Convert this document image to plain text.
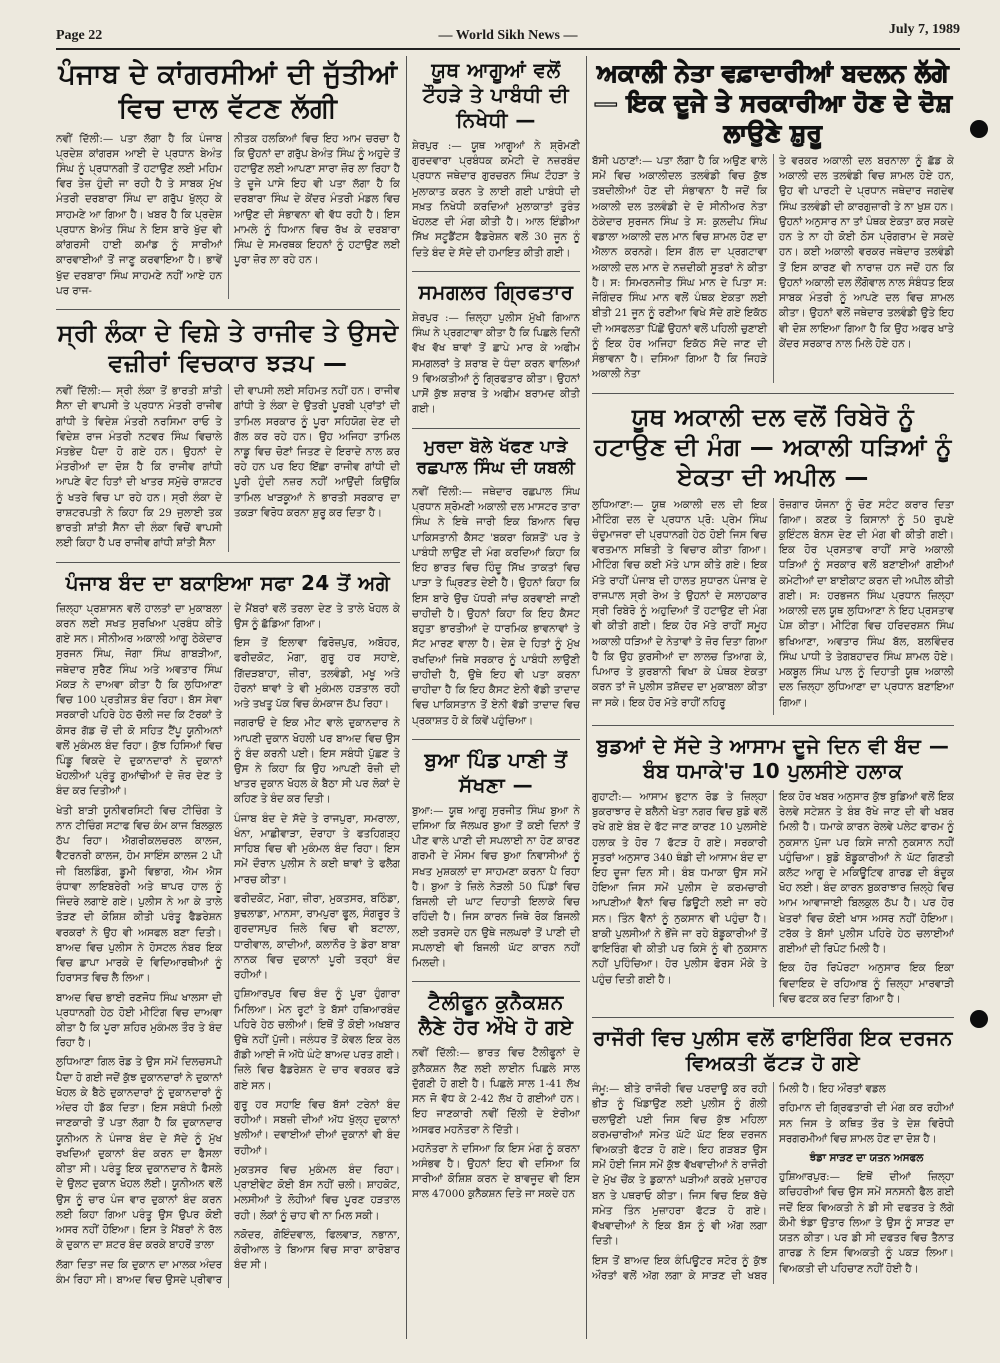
Page 22	— World Sikh News —	July 7, 1989
ਪੰਜਾਬ ਦੇ ਕਾਂਗਰਸੀਆਂ ਦੀ ਜੁੱਤੀਆਂ ਵਿਚ ਦਾਲ ਵੱਟਣ ਲੱਗੀ

ਨਵੀਂ ਦਿੱਲੀ:— ਪਤਾ ਲੱਗਾ ਹੈ ਕਿ ਪੰਜਾਬ ਪ੍ਰਦੇਸ਼ ਕਾਂਗਰਸ ਆਈ ਦੇ ਪ੍ਰਧਾਨ ਬੇਅੰਤ ਸਿੰਘ ਨੂੰ ਪ੍ਰਧਾਨਗੀ ਤੋਂ ਹਟਾਉਣ ਲਈ ਮਹਿਮ ਵਿਰ ਤੇਜ਼ ਹੁੰਦੀ ਜਾ ਰਹੀ ਹੈ ਤੇ ਸਾਬਕ ਮੁੱਖ ਮੰਤਰੀ ਦਰਬਾਰਾ ਸਿੰਘ ਦਾ ਗਰੁੱਪ ਖੁੱਲ੍ਹ ਕੇ ਸਾਹਮਣੇ ਆ ਗਿਆ ਹੈ। ਖਬਰ ਹੈ ਕਿ ਪ੍ਰਦੇਸ਼ ਪ੍ਰਧਾਨ ਬੇਅੰਤ ਸਿੰਘ ਨੇ ਇਸ ਬਾਰੇ ਖੁੱਦ ਵੀ ਕਾਂਗਰਸੀ ਹਾਈ ਕਮਾਂਡ ਨੂੰ ਸਾਰੀਆਂ ਕਾਰਵਾਈਆਂ ਤੋਂ ਜਾਣੂ ਕਰਵਾਇਆ ਹੈ। ਭਾਵੇਂ ਖੁੱਦ ਦਰਬਾਰਾ ਸਿੰਘ ਸਾਹਮਣੇ ਨਹੀਂ ਆਏ ਹਨ ਪਰ ਰਾਜ-

ਨੀਤਕ ਹਲਕਿਆਂ ਵਿਚ ਇਹ ਆਮ ਚਰਚਾ ਹੈ ਕਿ ਉਹਨਾਂ ਦਾ ਗਰੁੱਪ ਬੇਅੰਤ ਸਿੰਘ ਨੂੰ ਅਹੁਦੇ ਤੋਂ ਹਟਾਉਣ ਲਈ ਆਪਣਾ ਸਾਰਾ ਜ਼ੋਰ ਲਾ ਰਿਹਾ ਹੈ ਤੇ ਦੂਜੇ ਪਾਸੇ ਇਹ ਵੀ ਪਤਾ ਲੱਗਾ ਹੈ ਕਿ ਦਰਬਾਰਾ ਸਿੰਘ ਦੇ ਕੇਂਦਰ ਮੰਤਰੀ ਮੰਡਲ ਵਿਚ ਆਉਣ ਦੀ ਸੰਭਾਵਨਾ ਵੀ ਵੱਧ ਰਹੀ ਹੈ। ਇਸ ਮਾਮਲੇ ਨੂੰ ਧਿਆਨ ਵਿਚ ਰੱਖ ਕੇ ਦਰਬਾਰਾ ਸਿੰਘ ਦੇ ਸਮਰਥਕ ਇਹਨਾਂ ਨੂੰ ਹਟਾਉਣ ਲਈ ਪੂਰਾ ਜ਼ੋਰ ਲਾ ਰਹੇ ਹਨ।

ਸ੍ਰੀ ਲੰਕਾ ਦੇ ਵਿਸ਼ੇ ਤੇ ਰਾਜੀਵ ਤੇ ਉਸਦੇ ਵਜ਼ੀਰਾਂ ਵਿਚਕਾਰ ਝੜਪ —

ਨਵੀਂ ਦਿੱਲੀ:— ਸ੍ਰੀ ਲੰਕਾ ਤੋਂ ਭਾਰਤੀ ਸ਼ਾਂਤੀ ਸੈਨਾ ਦੀ ਵਾਪਸੀ ਤੇ ਪ੍ਰਧਾਨ ਮੰਤਰੀ ਰਾਜੀਵ ਗਾਂਧੀ ਤੇ ਵਿਦੇਸ਼ ਮੰਤਰੀ ਨਰਸਿਮਾ ਰਾਓ ਤੇ ਵਿਦੇਸ਼ ਰਾਜ ਮੰਤਰੀ ਨਟਵਰ ਸਿੰਘ ਵਿਚਾਲੇ ਮੱਤਭੇਦ ਪੈਦਾ ਹੋ ਗਏ ਹਨ। ਉਹਨਾਂ ਦੇ ਮੰਤਰੀਆਂ ਦਾ ਦੋਸ਼ ਹੈ ਕਿ ਰਾਜੀਵ ਗਾਂਧੀ ਆਪਣੇ ਵੋਟ ਹਿਤਾਂ ਦੀ ਖਾਤਰ ਸਮੁੱਚੇ ਰਾਸ਼ਟਰ ਨੂੰ ਖਤਰੇ ਵਿਚ ਪਾ ਰਹੇ ਹਨ। ਸ੍ਰੀ ਲੰਕਾ ਦੇ ਰਾਸ਼ਟਰਪਤੀ ਨੇ ਕਿਹਾ ਕਿ 29 ਜੁਲਾਈ ਤਕ ਭਾਰਤੀ ਸ਼ਾਂਤੀ ਸੈਨਾ ਦੀ ਲੰਕਾ ਵਿਚੋਂ ਵਾਪਸੀ ਲਈ ਕਿਹਾ ਹੈ ਪਰ ਰਾਜੀਵ ਗਾਂਧੀ ਸ਼ਾਂਤੀ ਸੈਨਾ

ਦੀ ਵਾਪਸੀ ਲਈ ਸਹਿਮਤ ਨਹੀਂ ਹਨ। ਰਾਜੀਵ ਗਾਂਧੀ ਤੇ ਲੰਕਾ ਦੇ ਉਤਰੀ ਪੂਰਬੀ ਪ੍ਰਾਂਤਾਂ ਦੀ ਤਾਮਿਲ ਸਰਕਾਰ ਨੂੰ ਪੂਰਾ ਸਹਿਯੋਗ ਦੇਣ ਦੀ ਗੱਲ ਕਰ ਰਹੇ ਹਨ। ਉਹ ਅਜਿਹਾ ਤਾਮਿਲ ਨਾਡੂ ਵਿਚ ਚੋਣਾਂ ਜਿਤਣ ਦੇ ਇਰਾਦੇ ਨਾਲ ਕਰ ਰਹੇ ਹਨ ਪਰ ਇਹ ਇੱਛਾ ਰਾਜੀਵ ਗਾਂਧੀ ਦੀ ਪੂਰੀ ਹੁੰਦੀ ਨਜ਼ਰ ਨਹੀਂ ਆਉਂਦੀ ਕਿਉਂਕਿ ਤਾਮਿਲ ਖਾੜਕੂਆਂ ਨੇ ਭਾਰਤੀ ਸਰਕਾਰ ਦਾ ਤਕੜਾ ਵਿਰੋਧ ਕਰਨਾ ਸ਼ੁਰੂ ਕਰ ਦਿਤਾ ਹੈ।

ਪੰਜਾਬ ਬੰਦ ਦਾ ਬਕਾਇਆ ਸਫਾ 24 ਤੋਂ ਅਗੇ

ਜ਼ਿਲ੍ਹਾ ਪ੍ਰਸ਼ਾਸਨ ਵਲੋਂ ਹਾਲਤਾਂ ਦਾ ਮੁਕਾਬਲਾ ਕਰਨ ਲਈ ਸਖਤ ਸੁਰਖਿਆ ਪ੍ਰਬੰਧ ਕੀਤੇ ਗਏ ਸਨ। ਸੀਨੀਅਰ ਅਕਾਲੀ ਆਗੂ ਠੇਕੇਦਾਰ ਸੁਰਜਨ ਸਿੰਘ, ਜੋਗਾ ਸਿੰਘ ਗਾਬੜੀਆ, ਜਥੇਦਾਰ ਸੁਰੈਣ ਸਿੰਘ ਅਤੇ ਅਵਤਾਰ ਸਿੰਘ ਮੱਕੜ ਨੇ ਦਾਅਵਾ ਕੀਤਾ ਹੈ ਕਿ ਲੁਧਿਆਣਾ ਵਿਚ 100 ਪ੍ਰਤੀਸ਼ਤ ਬੰਦ ਰਿਹਾ। ਬੱਸ ਸੇਵਾ ਸਰਕਾਰੀ ਪਹਿਰੇ ਹੇਠ ਚੱਲੀ ਜਦ ਕਿ ਟੱਰਕਾਂ ਤੇ ਕੋਸਰ ਗੱਡ ਚੋਂ ਦੀ ਕੋ ਸਹਿਤ ਟੈਂਪੂ ਯੂਨੀਅਨਾਂ ਵਲੋਂ ਮੁਕੰਮਲ ਬੰਦ ਰਿਹਾ। ਕੁੱਝ ਹਿਸਿਆਂ ਵਿਚ ਪਿੰਡੂ ਵਿਕਦੇ ਦੇ ਦੁਕਾਨਦਾਰਾਂ ਨੇ ਦੁਕਾਨਾਂ ਖੋਹਲੀਆਂ ਪ੍ਰੰਤੂ ਗੁਆਂਢੀਆਂ ਦੇ ਜ਼ੋਰ ਦੇਣ ਤੇ ਬੰਦ ਕਰ ਦਿਤੀਆਂ।

ਖੇਤੀ ਬਾੜੀ ਯੂਨੀਵਰਸਿਟੀ ਵਿਚ ਟੀਚਿੰਗ ਤੇ ਨਾਨ ਟੀਚਿੰਗ ਸਟਾਫ ਵਿਚ ਕੰਮ ਕਾਜ ਬਿਲਕੁਲ ਠੱਪ ਰਿਹਾ। ਐਗਰੀਕਲਚਰਲ ਕਾਲਜ, ਵੈਟਰਨਰੀ ਕਾਲਜ, ਹੋਮ ਸਾਇੰਸ ਕਾਲਜ 2 ਪੀ ਜੀ ਬਿਲਡਿੰਗ, ਡੂਮੀ ਵਿਭਾਗ, ਐਮ ਐਸ ਰੰਧਾਵਾ ਲਾਇਬਰੇਰੀ ਅਤੇ ਥਾਪਰ ਹਾਲ ਨੂੰ ਜਿੰਦਰੇ ਲਗਾਏ ਗਏ। ਪੁਲੀਸ ਨੇ ਆ ਕੇ ਤਾਲੇ ਤੋੜਣ ਦੀ ਕੋਸ਼ਿਸ਼ ਕੀਤੀ ਪਰੰਤੂ ਫੈਡਰੇਸ਼ਨ ਵਰਕਰਾਂ ਨੇ ਉਹ ਵੀ ਅਸਫਲ ਬਣਾ ਦਿਤੀ। ਬਾਅਦ ਵਿਚ ਪੁਲੀਸ ਨੇ ਹੋਸਟਲ ਨੰਬਰ ਇਕ ਵਿਚ ਛਾਪਾ ਮਾਰਕੇ ਦੋ ਵਿਦਿਆਰਥੀਆਂ ਨੂੰ ਹਿਰਾਸਤ ਵਿਚ ਲੈ ਲਿਆ।

ਬਾਅਦ ਵਿਚ ਭਾਈ ਰਣਜੋਧ ਸਿੰਘ ਖਾਲਸਾ ਦੀ ਪ੍ਰਧਾਨਗੀ ਹੇਠ ਹੋਈ ਮੀਟਿੰਗ ਵਿਚ ਦਾਅਵਾ ਕੀਤਾ ਹੈ ਕਿ ਪੂਰਾ ਸ਼ਹਿਰ ਮੁਕੰਮਲ ਤੌਰ ਤੇ ਬੰਦ ਰਿਹਾ ਹੈ।

ਲੁਧਿਆਣਾ ਗਿਲ ਰੋਡ ਤੇ ਉਸ ਸਮੇਂ ਦਿਲਚਸਪੀ ਪੈਦਾ ਹੋ ਗਈ ਜਦੋਂ ਕੁੱਝ ਦੁਕਾਨਦਾਰਾਂ ਨੇ ਦੁਕਾਨਾਂ ਖੋਹਲ ਕੇ ਬੈਠੇ ਦੁਕਾਨਦਾਰਾਂ ਨੂੰ ਦੁਕਾਨਦਾਰਾਂ ਨੂੰ ਅੰਦਰ ਹੀ ਡੱਕ ਦਿਤਾ। ਇਸ ਸਬੰਧੀ ਮਿਲੀ ਜਾਣਕਾਰੀ ਤੋਂ ਪਤਾ ਲੱਗਾ ਹੈ ਕਿ ਦੁਕਾਨਦਾਰ ਯੂਨੀਅਨ ਨੇ ਪੰਜਾਬ ਬੰਦ ਦੇ ਸੱਦੇ ਨੂੰ ਮੁੱਖ ਰਖਦਿਆਂ ਦੁਕਾਨਾਂ ਬੰਦ ਕਰਨ ਦਾ ਫੈਸਲਾ ਕੀਤਾ ਸੀ। ਪਰੰਤੂ ਇਕ ਦੁਕਾਨਦਾਰ ਨੇ ਫੈਸਲੇ ਦੇ ਉਲਟ ਦੁਕਾਨ ਖੋਹਲ ਲੱਈ। ਯੂਨੀਅਨ ਵਲੋਂ ਉਸ ਨੂੰ ਚਾਰ ਪੰਜ ਵਾਰ ਦੁਕਾਨਾਂ ਬੰਦ ਕਰਨ ਲਈ ਕਿਹਾ ਗਿਆ ਪਰੰਤੂ ਉਸ ਉਪਰ ਕੋਈ ਅਸਰ ਨਹੀਂ ਹੋਇਆ। ਇਸ ਤੇ ਮੈਂਬਰਾਂ ਨੇ ਰੱਲ ਕੇ ਦੁਕਾਨ ਦਾ ਸ਼ਟਰ ਬੰਦ ਕਰਕੇ ਬਾਹਰੋਂ ਤਾਲਾ

ਲੱਗਾ ਦਿਤਾ ਜਦ ਕਿ ਦੁਕਾਨ ਦਾ ਮਾਲਕ ਅੰਦਰ ਕੰਮ ਰਿਹਾ ਸੀ। ਬਾਅਦ ਵਿਚ ਉਸਦੇ ਪ੍ਰੀਵਾਰ ਦੇ ਮੈਂਬਰਾਂ ਵਲੋਂ ਤਰਲਾ ਦੇਣ ਤੇ ਤਾਲੇ ਖੋਹਲ ਕੇ ਉਸ ਨੂੰ ਛੱਡਿਆ ਗਿਆ।

ਇਸ ਤੋਂ ਇਲਾਵਾ ਫਿਰੋਜ਼ਪੁਰ, ਅਬੋਹਰ, ਫਰੀਦਕੋਟ, ਮੋਗਾ, ਗੁਰੂ ਹਰ ਸਹਾਏ, ਗਿੱਦੜਬਾਹਾ, ਜ਼ੀਰਾ, ਤਲਵੰਡੀ, ਮਖੂ ਅਤੇ ਹੋਰਨਾਂ ਥਾਵਾਂ ਤੇ ਵੀ ਮੁਕੰਮਲ ਹੜਤਾਲ ਰਹੀ ਅਤੇ ਤਖਤੂ ਪੱਕ ਵਿਚ ਕੰਮਕਾਜ ਠੱਪ ਰਿਹਾ।

ਜਗਰਾਓਂ ਦੇ ਇਕ ਮੀਟ ਵਾਲੇ ਦੁਕਾਨਦਾਰ ਨੇ ਆਪਣੀ ਦੁਕਾਨ ਖੋਹਲੀ ਪਰ ਬਾਅਦ ਵਿਚ ਉਸ ਨੂੰ ਬੰਦ ਕਰਨੀ ਪਈ। ਇਸ ਸਬੰਧੀ ਪੁੱਛਣ ਤੇ ਉਸ ਨੇ ਕਿਹਾ ਕਿ ਉਹ ਆਪਣੀ ਰੋਜ਼ੀ ਦੀ ਖਾਤਰ ਦੁਕਾਨ ਖੋਹਲ ਕੇ ਬੈਠਾ ਸੀ ਪਰ ਲੋਕਾਂ ਦੇ ਕਹਿਣ ਤੇ ਬੰਦ ਕਰ ਦਿਤੀ।

ਪੰਜਾਬ ਬੰਦ ਦੇ ਸੱਦੇ ਤੇ ਰਾਜਪੁਰਾ, ਸਮਰਾਲਾ, ਖੰਨਾ, ਮਾਛੀਵਾੜਾ, ਦੋਰਾਹਾ ਤੇ ਫਤਹਿਗੜ੍ਹ ਸਾਹਿਬ ਵਿਚ ਵੀ ਮੁਕੰਮਲ ਬੰਦ ਰਿਹਾ। ਇਸ ਸਮੇਂ ਦੌਰਾਨ ਪੁਲੀਸ ਨੇ ਕਈ ਥਾਵਾਂ ਤੇ ਫਲੈਗ ਮਾਰਚ ਕੀਤਾ।

ਫਰੀਦਕੋਟ, ਮੋਗਾ, ਜ਼ੀਰਾ, ਮੁਕਤਸਰ, ਬਠਿੰਡਾ, ਬੁਢਲਾਡਾ, ਮਾਨਸਾ, ਰਾਮਪੁਰਾ ਫੂਲ, ਸੰਗਰੂਰ ਤੇ ਗੁਰਦਾਸਪੁਰ ਜ਼ਿਲੇ ਵਿਚ ਵੀ ਬਟਾਲਾ, ਧਾਰੀਵਾਲ, ਕਾਦੀਆਂ, ਕਲਾਨੌਰ ਤੇ ਡੇਰਾ ਬਾਬਾ ਨਾਨਕ ਵਿਚ ਦੁਕਾਨਾਂ ਪੂਰੀ ਤਰ੍ਹਾਂ ਬੰਦ ਰਹੀਆਂ।

ਹੁਸ਼ਿਆਰਪੁਰ ਵਿਚ ਬੰਦ ਨੂੰ ਪੂਰਾ ਹੁੰਗਾਰਾ ਮਿਲਿਆ। ਮੇਨ ਰੂਟਾਂ ਤੇ ਬੱਸਾਂ ਹਥਿਆਰਬੰਦ ਪਹਿਰੇ ਹੇਠ ਚਲੀਆਂ। ਇਥੋਂ ਤੋਂ ਕੋਈ ਅਖਬਾਰ ਉਥੇ ਨਹੀਂ ਪੁੱਜੀ। ਜਲੰਧਰ ਤੋਂ ਕੇਵਲ ਇਕ ਰੇਲ ਗੱਡੀ ਆਈ ਜੋ ਅੱਧੇ ਘੰਟੇ ਬਾਅਦ ਪਰਤ ਗਈ। ਜ਼ਿਲੇ ਵਿਚ ਫੈਡਰੇਸ਼ਨ ਦੇ ਚਾਰ ਵਰਕਰ ਫੜੇ ਗਏ ਸਨ।

ਗੁਰੂ ਹਰ ਸਹਾਇ ਵਿਚ ਬੱਸਾਂ ਟਰੇਨਾਂ ਬੰਦ ਰਹੀਆਂ। ਸਬਜ਼ੀ ਦੀਆਂ ਅੱਧ ਖੁੱਲ੍ਹ ਦੁਕਾਨਾਂ ਖੁਲੀਆਂ। ਦਵਾਈਆਂ ਦੀਆਂ ਦੁਕਾਨਾਂ ਵੀ ਬੰਦ ਰਹੀਆਂ।

ਮੁਕਤਸਰ ਵਿਚ ਮੁਕੰਮਲ ਬੰਦ ਰਿਹਾ। ਪ੍ਰਾਈਵੇਟ ਕੋਈ ਬੱਸ ਨਹੀਂ ਚਲੀ। ਸ਼ਾਹਕੋਟ, ਮਲਸੀਆਂ ਤੇ ਲੋਹੀਆਂ ਵਿਚ ਪੂਰਣ ਹੜਤਾਲ ਰਹੀ। ਲੋਕਾਂ ਨੂੰ ਚਾਹ ਵੀ ਨਾ ਮਿਲ ਸਕੀ।

ਨਕੋਦਰ, ਗੋਇੰਦਵਾਲ, ਫਿਲਵਾੜ, ਨਭਾਨਾ, ਕੋਰੀਆਲ ਤੇ ਬਿਆਸ ਵਿਚ ਸਾਰਾ ਕਾਰੋਬਾਰ ਬੰਦ ਸੀ।

ਯੂਥ ਆਗੂਆਂ ਵਲੋਂ ਟੌਹੜੇ ਤੇ ਪਾਬੰਧੀ ਦੀ ਨਿਖੇਧੀ —

ਸ਼ੇਰਪੁਰ :— ਯੂਥ ਆਗੂਆਂ ਨੇ ਸ਼੍ਰੋਮਣੀ ਗੁਰਦਵਾਰਾ ਪ੍ਰਬੰਧਕ ਕਮੇਟੀ ਦੇ ਨਜ਼ਰਬੰਦ ਪ੍ਰਧਾਨ ਜਥੇਦਾਰ ਗੁਰਚਰਨ ਸਿੰਘ ਟੌਹੜਾ ਤੇ ਮੁਲਾਕਾਤ ਕਰਨ ਤੇ ਲਾਈ ਗਈ ਪਾਬੰਧੀ ਦੀ ਸਖ਼ਤ ਨਿਖੇਧੀ ਕਰਦਿਆਂ ਮੁਲਾਕਾਤਾਂ ਤੁਰੰਤ ਖੋਹਲਣ ਦੀ ਮੰਗ ਕੀਤੀ ਹੈ। ਆਲ ਇੰਡੀਆ ਸਿੱਖ ਸਟੂਡੈਂਟਸ ਫੈਡਰੇਸ਼ਨ ਵਲੋਂ 30 ਜੂਨ ਨੂੰ ਦਿਤੇ ਬੰਦ ਦੇ ਸੱਦੇ ਦੀ ਹਮਾਇਤ ਕੀਤੀ ਗਈ।

ਸਮਗਲਰ ਗ੍ਰਿਫਤਾਰ

ਸ਼ੇਰਪੁਰ :— ਜ਼ਿਲ੍ਹਾ ਪੁਲੀਸ ਮੁੱਖੀ ਗਿਆਨ ਸਿੰਘ ਨੇ ਪ੍ਰਗਟਾਵਾ ਕੀਤਾ ਹੈ ਕਿ ਪਿਛਲੇ ਦਿਨੀਂ ਵੱਖ ਵੱਖ ਥਾਵਾਂ ਤੋਂ ਛਾਪੇ ਮਾਰ ਕੇ ਅਫੀਮ ਸਮਗਲਰਾਂ ਤੇ ਸ਼ਰਾਬ ਦੇ ਧੰਦਾ ਕਰਨ ਵਾਲਿਆਂ 9 ਵਿਅਕਤੀਆਂ ਨੂੰ ਗ੍ਰਿਫਤਾਰ ਕੀਤਾ। ਉਹਨਾਂ ਪਾਸੋਂ ਕੁੱਝ ਸ਼ਰਾਬ ਤੇ ਅਫੀਮ ਬਰਾਮਦ ਕੀਤੀ ਗਈ।

ਮੁਰਦਾ ਬੋਲੇ ਖੱਫਣ ਪਾੜੇ ਰਛਪਾਲ ਸਿੰਘ ਦੀ ਯਬਲੀ

ਨਵੀਂ ਦਿੱਲੀ:— ਜਥੇਦਾਰ ਰਛਪਾਲ ਸਿੰਘ ਪ੍ਰਧਾਨ ਸ਼੍ਰੋਮਣੀ ਅਕਾਲੀ ਦਲ ਮਾਸਟਰ ਤਾਰਾ ਸਿੰਘ ਨੇ ਇਥੇ ਜਾਰੀ ਇਕ ਬਿਆਨ ਵਿਚ ਪਾਕਿਸਤਾਨੀ ਕੈਸਟ 'ਬਕਰਾ ਕਿਸ਼ਤੋਂ' ਪਰ ਤੇ ਪਾਬੰਧੀ ਲਾਉਣ ਦੀ ਮੰਗ ਕਰਦਿਆਂ ਕਿਹਾ ਕਿ ਇਹ ਭਾਰਤ ਵਿਚ ਹਿੰਦੂ ਸਿੱਖ ਤਾਕਤਾਂ ਵਿਚ ਪਾੜਾ ਤੇ ਘ੍ਰਿਣਤ ਦੇਈ ਹੈ। ਉਹਨਾਂ ਕਿਹਾ ਕਿ ਇਸ ਬਾਰੇ ਉਚ ਪੱਧਰੀ ਜਾਂਚ ਕਰਵਾਈ ਜਾਣੀ ਚਾਹੀਦੀ ਹੈ। ਉਹਨਾਂ ਕਿਹਾ ਕਿ ਇਹ ਕੈਸਟ ਬਹੁਤਾ ਭਾਰਤੀਆਂ ਦੇ ਧਾਰਮਿਕ ਭਾਵਨਾਵਾਂ ਤੇ ਸੱਟ ਮਾਰਣ ਵਾਲਾ ਹੈ। ਦੇਸ਼ ਦੇ ਹਿਤਾਂ ਨੂੰ ਮੁੱਖ ਰਖਦਿਆਂ ਜਿਥੇ ਸਰਕਾਰ ਨੂੰ ਪਾਬੰਧੀ ਲਾਉਣੀ ਚਾਹੀਦੀ ਹੈ, ਉਥੇ ਇਹ ਵੀ ਪਤਾ ਕਰਨਾ ਚਾਹੀਦਾ ਹੈ ਕਿ ਇਹ ਕੈਸਟ ਏਨੀ ਵੱਡੀ ਤਾਦਾਦ ਵਿਚ ਪਾਕਿਸਤਾਨ ਤੋਂ ਏਨੀ ਵੱਡੀ ਤਾਦਾਦ ਵਿਚ ਪ੍ਰਕਾਸ਼ਤ ਹੋ ਕੇ ਕਿਵੇਂ ਪਹੁੰਚਿਆ।

ਬੁਆ ਪਿੰਡ ਪਾਣੀ ਤੋਂ ਸੱਖਣਾ —

ਬੁਆ:— ਯੂਥ ਆਗੂ ਸੁਰਜੀਤ ਸਿੰਘ ਬੁਆ ਨੇ ਦਸਿਆ ਕਿ ਜੱਲਘਰ ਬੁਆ ਤੋਂ ਕਈ ਦਿਨਾਂ ਤੋਂ ਪੀਣ ਵਾਲੇ ਪਾਣੀ ਦੀ ਸਪਲਾਈ ਨਾ ਹੋਣ ਕਾਰਣ ਗਰਮੀ ਦੇ ਮੌਸਮ ਵਿਚ ਬੁਆ ਨਿਵਾਸੀਆਂ ਨੂੰ ਸਖਤ ਮੁਸ਼ਕਲਾਂ ਦਾ ਸਾਹਮਣਾ ਕਰਨਾ ਪੈ ਰਿਹਾ ਹੈ। ਬੁਆ ਤੇ ਜ਼ਿਲੇ ਨੇੜਲੀ 50 ਪਿੰਡਾਂ ਵਿਚ ਬਿਜਲੀ ਦੀ ਘਾਟ ਦਿਹਾਤੀ ਇਲਾਕੇ ਵਿਚ ਰਹਿੰਦੀ ਹੈ। ਜਿਸ ਕਾਰਨ ਜਿਥੇ ਰੋਕ ਬਿਜਲੀ ਲਈ ਤਰਸਦੇ ਹਨ ਉਥੇ ਜਲਘਰਾਂ ਤੋਂ ਪਾਣੀ ਦੀ ਸਪਲਾਈ ਵੀ ਬਿਜਲੀ ਘੱਟ ਕਾਰਨ ਨਹੀਂ ਮਿਲਦੀ।

ਟੈਲੀਫੂਨ ਕੁਨੈਕਸ਼ਨ ਲੈਣੇ ਹੋਰ ਔਖੇ ਹੋ ਗਏ

ਨਵੀਂ ਦਿੱਲੀ:— ਭਾਰਤ ਵਿਚ ਟੈਲੀਫੂਨਾਂ ਦੇ ਕੁਨੈਕਸ਼ਨ ਲੈਣ ਲਈ ਲਾਈਨ ਪਿਛਲੇ ਸਾਲ ਦੁੱਗਣੀ ਹੋ ਗਈ ਹੈ। ਪਿਛਲੇ ਸਾਲ 1-41 ਲੱਖ ਸਨ ਜੋ ਵੱਧ ਕੇ 2-42 ਲੱਖ ਹੋ ਗਈਆਂ ਹਨ। ਇਹ ਜਾਣਕਾਰੀ ਨਵੀਂ ਦਿੱਲੀ ਦੇ ਏਰੀਆ ਅਸਫਰ ਮਹਨੋਤਰਾ ਨੇ ਦਿੱਤੀ।

ਮਹਨੋਤਰਾ ਨੇ ਦਸਿਆ ਕਿ ਇਸ ਮੰਗ ਨੂੰ ਕਰਨਾ ਅਸੰਭਵ ਹੈ। ਉਹਨਾਂ ਇਹ ਵੀ ਦਸਿਆ ਕਿ ਸਾਰੀਆਂ ਕੋਸ਼ਿਸ਼ ਕਰਨ ਦੇ ਬਾਵਜੂਦ ਵੀ ਇਸ ਸਾਲ 47000 ਕੁਨੈਕਸ਼ਨ ਦਿਤੇ ਜਾ ਸਕਦੇ ਹਨ

ਅਕਾਲੀ ਨੇਤਾ ਵਫ਼ਾਦਾਰੀਆਂ ਬਦਲਨ ਲੱਗੇ — ਇਕ ਦੂਜੇ ਤੇ ਸਰਕਾਰੀਆ ਹੋਣ ਦੇ ਦੋਸ਼ ਲਾਉਣੇ ਸ਼ੁਰੂ

ਬੱਸੀ ਪਠਾਣਾਂ:— ਪਤਾ ਲੱਗਾ ਹੈ ਕਿ ਅਉਣ ਵਾਲੇ ਸਮੇਂ ਵਿਚ ਅਕਾਲੀਦਲ ਤਲਵੰਡੀ ਵਿਚ ਕੁੱਝ ਤਬਦੀਲੀਆਂ ਹੋਣ ਦੀ ਸੰਭਾਵਨਾ ਹੈ ਜਦੋਂ ਕਿ ਅਕਾਲੀ ਦਲ ਤਲਵੰਡੀ ਦੇ ਦੋ ਸੀਨੀਅਰ ਨੇਤਾ ਠੇਕੇਦਾਰ ਸੁਰਜਨ ਸਿੰਘ ਤੇ ਸ: ਕੁਲਦੀਪ ਸਿੰਘ ਵਡਾਲਾ ਅਕਾਲੀ ਦਲ ਮਾਨ ਵਿਚ ਸ਼ਾਮਲ ਹੋਣ ਦਾ ਐਲਾਨ ਕਰਨਗੇ। ਇਸ ਗੱਲ ਦਾ ਪ੍ਰਗਟਾਵਾ ਅਕਾਲੀ ਦਲ ਮਾਨ ਦੇ ਨਜ਼ਦੀਕੀ ਸੂਤਰਾਂ ਨੇ ਕੀਤਾ ਹੈ। ਸ: ਸਿਮਰਨਜੀਤ ਸਿੰਘ ਮਾਨ ਦੇ ਪਿਤਾ ਸ: ਜੋਗਿੰਦਰ ਸਿੰਘ ਮਾਨ ਵਲੋਂ ਪੰਥਕ ਏਕਤਾ ਲਈ ਬੀਤੀ 21 ਜੂਨ ਨੂੰ ਰਣੀਆ ਵਿਖੇ ਸੱਦੇ ਗਏ ਇਕੱਠ ਦੀ ਅਸਫਲਤਾ ਪਿੱਛੋਂ ਉਹਨਾਂ ਵਲੋਂ ਪਹਿਲੀ ਚੁਣਾਈ ਨੂੰ ਇਕ ਹੋਰ ਅਜਿਹਾ ਇਕੱਠ ਸੱਦੇ ਜਾਣ ਦੀ ਸੰਭਾਵਨਾ ਹੈ। ਦਸਿਆ ਗਿਆ ਹੈ ਕਿ ਜਿਹੜੇ ਅਕਾਲੀ ਨੇਤਾ

ਤੇ ਵਰਕਰ ਅਕਾਲੀ ਦਲ ਬਰਨਾਲਾ ਨੂੰ ਛੱਡ ਕੇ ਅਕਾਲੀ ਦਲ ਤਲਵੰਡੀ ਵਿਚ ਸ਼ਾਮਲ ਹੋਏ ਹਨ, ਉਹ ਵੀ ਪਾਰਟੀ ਦੇ ਪ੍ਰਧਾਨ ਜਥੇਦਾਰ ਜਗਦੇਵ ਸਿੰਘ ਤਲਵੰਡੀ ਦੀ ਕਾਰਗੁਜ਼ਾਰੀ ਤੇ ਨਾ ਖੁਸ਼ ਹਨ। ਉਹਨਾਂ ਅਨੁਸਾਰ ਨਾ ਤਾਂ ਪੰਥਕ ਏਕਤਾ ਕਰ ਸਕਦੇ ਹਨ ਤੇ ਨਾ ਹੀ ਕੋਈ ਠੋਸ ਪ੍ਰੋਗਰਾਮ ਦੇ ਸਕਦੇ ਹਨ। ਕਈ ਅਕਾਲੀ ਵਰਕਰ ਜਥੇਦਾਰ ਤਲਵੰਡੀ ਤੋਂ ਇਸ ਕਾਰਣ ਵੀ ਨਾਰਾਜ਼ ਹਨ ਜਦੋਂ ਹਨ ਕਿ ਉਹਨਾਂ ਅਕਾਲੀ ਦਲ ਲੌਂਗੋਵਾਲ ਨਾਲ ਸੰਬੰਧਤ ਇਕ ਸਾਬਕ ਮੰਤਰੀ ਨੂੰ ਆਪਣੇ ਦਲ ਵਿਚ ਸ਼ਾਮਲ ਕੀਤਾ। ਉਹਨਾਂ ਵਲੋਂ ਜਥੇਦਾਰ ਤਲਵੰਡੀ ਉਤੇ ਇਹ ਵੀ ਦੋਸ਼ ਲਾਇਆ ਗਿਆ ਹੈ ਕਿ ਉਹ ਅਫਰ ਖਾਤੇ ਕੇਂਦਰ ਸਰਕਾਰ ਨਾਲ ਮਿਲੇ ਹੋਏ ਹਨ।

ਯੂਥ ਅਕਾਲੀ ਦਲ ਵਲੋਂ ਰਿਬੇਰੋ ਨੂੰ ਹਟਾਉਣ ਦੀ ਮੰਗ — ਅਕਾਲੀ ਧੜਿਆਂ ਨੂੰ ਏਕਤਾ ਦੀ ਅਪੀਲ —

ਲੁਧਿਆਣਾ:— ਯੂਥ ਅਕਾਲੀ ਦਲ ਦੀ ਇਕ ਮੀਟਿੰਗ ਦਲ ਦੇ ਪ੍ਰਧਾਨ ਪ੍ਰੋ: ਪ੍ਰੇਮ ਸਿੰਘ ਚੰਦੂਮਾਜਰਾ ਦੀ ਪ੍ਰਧਾਨਗੀ ਹੇਠ ਹੋਈ ਜਿਸ ਵਿਚ ਵਰਤਮਾਨ ਸਥਿਤੀ ਤੇ ਵਿਚਾਰ ਕੀਤਾ ਗਿਆ। ਮੀਟਿੰਗ ਵਿਚ ਕਈ ਮੱਤੇ ਪਾਸ ਕੀਤੇ ਗਏ। ਇਕ ਮੱਤੇ ਰਾਹੀਂ ਪੰਜਾਬ ਦੀ ਹਾਲਤ ਸੁਧਾਰਨ ਪੰਜਾਬ ਦੇ ਰਾਜਪਾਲ ਸ੍ਰੀ ਰੇਅ ਤੇ ਉਹਨਾਂ ਦੇ ਸਲਾਹਕਾਰ ਸ੍ਰੀ ਰਿਬੇਰੋ ਨੂੰ ਅਹੁਦਿਆਂ ਤੋਂ ਹਟਾਉਣ ਦੀ ਮੰਗ ਵੀ ਕੀਤੀ ਗਈ। ਇਕ ਹੋਰ ਮੱਤੇ ਰਾਹੀਂ ਸਮੂਹ ਅਕਾਲੀ ਧੜਿਆਂ ਦੇ ਨੇਤਾਵਾਂ ਤੇ ਜ਼ੋਰ ਦਿਤਾ ਗਿਆ ਹੈ ਕਿ ਉਹ ਕੁਰਸੀਆਂ ਦਾ ਲਾਲਚ ਤਿਆਗ ਕੇ, ਪਿਆਰ ਤੇ ਕੁਰਬਾਨੀ ਵਿਖਾ ਕੇ ਪੰਥਕ ਏਕਤਾ ਕਰਨ ਤਾਂ ਜੋ ਪੁਲੀਸ ਤਸ਼ੱਦਦ ਦਾ ਮੁਕਾਬਲਾ ਕੀਤਾ ਜਾ ਸਕੇ। ਇਕ ਹੋਰ ਮੱਤੇ ਰਾਹੀਂ ਨਹਿਰੂ

ਰੋਜ਼ਗਾਰ ਯੋਜਨਾ ਨੂੰ ਚੋਣ ਸਟੰਟ ਕਰਾਰ ਦਿਤਾ ਗਿਆ। ਕਣਕ ਤੇ ਕਿਸਾਨਾਂ ਨੂੰ 50 ਰੁਪਏ ਕੁਇੰਟਲ ਬੋਨਸ ਦੇਣ ਦੀ ਮੰਗ ਵੀ ਕੀਤੀ ਗਈ। ਇਕ ਹੋਰ ਪ੍ਰਸਤਾਵ ਰਾਹੀਂ ਸਾਰੇ ਅਕਾਲੀ ਧੜਿਆਂ ਨੂੰ ਸਰਕਾਰ ਵਲੋਂ ਬਣਾਈਆਂ ਗਈਆਂ ਕਮੇਟੀਆਂ ਦਾ ਬਾਈਕਾਟ ਕਰਨ ਦੀ ਅਪੀਲ ਕੀਤੀ ਗਈ। ਸ: ਹਰਭਜਨ ਸਿੰਘ ਪ੍ਰਧਾਨ ਜ਼ਿਲ੍ਹਾ ਅਕਾਲੀ ਦਲ ਯੂਥ ਲੁਧਿਆਣਾ ਨੇ ਇਹ ਪ੍ਰਸਤਾਵ ਪੇਸ਼ ਕੀਤਾ। ਮੀਟਿੰਗ ਵਿਚ ਹਰਿਦਰਸ਼ਨ ਸਿੰਘ ਭਖਿਆਣਾ, ਅਵਤਾਰ ਸਿੰਘ ਬੱਲ, ਬਲਵਿੰਦਰ ਸਿੰਘ ਪਾਧੀ ਤੇ ਤੇਗਬਹਾਦਰ ਸਿੰਘ ਸ਼ਾਮਲ ਹੋਏ। ਮਕਬੂਲ ਸਿੰਘ ਪਾਲ ਨੂੰ ਦਿਹਾਤੀ ਯੂਥ ਅਕਾਲੀ ਦਲ ਜ਼ਿਲ੍ਹਾ ਲੁਧਿਆਣਾ ਦਾ ਪ੍ਰਧਾਨ ਬਣਾਇਆ ਗਿਆ।

ਬੁਡਆਂ ਦੇ ਸੱਦੇ ਤੇ ਆਸਾਮ ਦੂਜੇ ਦਿਨ ਵੀ ਬੰਦ — ਬੰਬ ਧਮਾਕੇ'ਚ 10 ਪੁਲਸੀਏ ਹਲਾਕ

ਗੁਹਾਟੀ:— ਆਸਾਮ ਭੁਟਾਨ ਰੋਡ ਤੇ ਜ਼ਿਲ੍ਹਾ ਬੁਕਰਾਝਾਰ ਦੇ ਬਲੈਨੀ ਖੇਤਾ ਨਗਰ ਵਿਚ ਬੁਡੋ ਵਲੋਂ ਰਖੇ ਗਏ ਬੰਬ ਦੇ ਫੱਟ ਜਾਣ ਕਾਰਣ 10 ਪੁਲਸੀਏ ਹਲਾਕ ਤੇ ਹੋਰ 7 ਫੱਟੜ ਹੋ ਗਏ। ਸਰਕਾਰੀ ਸੂਤਰਾਂ ਅਨੁਸਾਰ 340 ਥੰਡੀ ਦੀ ਆਸਾਮ ਬੰਦ ਦਾ ਇਹ ਦੂਜਾ ਦਿਨ ਸੀ। ਬੰਬ ਧਮਾਕਾ ਉਸ ਸਮੇਂ ਹੋਇਆ ਜਿਸ ਸਮੇਂ ਪੁਲੀਸ ਦੇ ਕਰਮਚਾਰੀ ਆਪਣੀਆਂ ਵੈਨਾਂ ਵਿਚ ਡਿਊਟੀ ਲਈ ਜਾ ਰਹੇ ਸਨ। ਤਿੰਨ ਵੈਨਾਂ ਨੂੰ ਨੁਕਸਾਨ ਵੀ ਪਹੁੰਚਾ ਹੈ। ਬਾਕੀ ਪੁਲਸੀਆਂ ਨੇ ਭੋਂਜੇ ਜਾ ਰਹੇ ਬੋਡੂਕਾਰੀਆਂ ਤੋਂ ਫਾਇਰਿੰਗ ਵੀ ਕੀਤੀ ਪਰ ਕਿਸੇ ਨੂੰ ਵੀ ਨੁਕਸਾਨ ਨਹੀਂ ਪੁਹਿੰਚਿਆ। ਹੋਰ ਪੁਲੀਸ ਫੋਰਸ ਮੌਕੇ ਤੇ ਪਹੁੰਚ ਦਿਤੀ ਗਈ ਹੈ।

ਇਕ ਹੋਰ ਖਬਰ ਅਨੁਸਾਰ ਕੁੱਝ ਬੁਡਿਆਂ ਵਲੋਂ ਇਕ ਰੇਲਵੇ ਸਟੇਸ਼ਨ ਤੇ ਬੰਬ ਰੱਖੇ ਜਾਣ ਦੀ ਵੀ ਖਬਰ ਮਿਲੀ ਹੈ। ਧਮਾਕੇ ਕਾਰਨ ਰੇਲਵੇ ਪਲੇਟ ਫਾਰਮ ਨੂੰ ਨੁਕਸਾਨ ਪੁੱਜਾ ਪਰ ਕਿਸੇ ਜਾਨੀ ਨੁਕਸਾਨ ਨਹੀਂ ਪਹੁੰਚਿਆ। ਬੁਡੋ ਬੋਡੂਕਾਰੀਆਂ ਨੇ ਘੱਟ ਗਿਣਤੀ ਕਲੱਟ ਆਗੂ ਦੇ ਮਕਿਊਟਿਵ ਗਾਰਡ ਦੀ ਬੰਦੂਕ ਖੋਹ ਲਈ। ਬੰਦ ਕਾਰਨ ਬੁਕਰਾਝਾਰ ਜ਼ਿਲ੍ਹੇ ਵਿਚ ਆਮ ਆਵਾਜਾਈ ਬਿਲਕੁਲ ਠੱਪ ਹੈ। ਪਰ ਹੋਰ ਖੇਤਰਾਂ ਵਿਚ ਕੋਈ ਖਾਸ ਅਸਰ ਨਹੀਂ ਹੋਇਆ। ਟਰੱਕ ਤੇ ਬੱਸਾਂ ਪੁਲੀਸ ਪਹਿਰੇ ਹੇਠ ਚਲਾਈਆਂ ਗਈਆਂ ਦੀ ਰਿਪੋਟ ਮਿਲੀ ਹੈ।

ਇਕ ਹੋਰ ਰਿਪੋਰਟਾ ਅਨੁਸਾਰ ਇਕ ਇਕਾ ਵਿਦਾਇਕ ਦੇ ਰਹਿਆਬ ਨੂੰ ਜ਼ਿਲ੍ਹਾ ਮਾਰਵਾੜੀ ਵਿਚ ਫਟਕ ਕਰ ਦਿਤਾ ਗਿਆ ਹੈ।

ਰਾਜੌਰੀ ਵਿਚ ਪੁਲੀਸ ਵਲੋਂ ਫਾਇਰਿੰਗ ਇਕ ਦਰਜਨ ਵਿਅਕਤੀ ਫੱਟੜ ਹੋ ਗਏ

ਜੰਮੂ:— ਬੀਤੇ ਰਾਜੌਰੀ ਵਿਚ ਪਰਦਾਊ ਕਰ ਰਹੀ ਭੀੜ ਨੂੰ ਖਿੰਡਾਉਣ ਲਈ ਪੁਲੀਸ ਨੂੰ ਗੋਲੀ ਚਲਾਉਣੀ ਪਈ ਜਿਸ ਵਿਚ ਕੁੱਝ ਮਹਿਲਾ ਕਰਮਚਾਰੀਆਂ ਸਮੇਤ ਘੱਟੋ ਘੱਟ ਇਕ ਦਰਜਨ ਵਿਅਕਤੀ ਫੱਟੜ ਹੋ ਗਏ। ਇਹ ਗੜਬੜ ਉਸ ਸਮੇਂ ਹੋਈ ਜਿਸ ਸਮੇਂ ਕੁੱਝ ਵੱਖਵਾਦੀਆਂ ਨੇ ਰਾਜੌਰੀ ਦੇ ਮੁੱਖ ਚੌਂਕ ਤੇ ਡੁਕਾਨਾਂ ਘੜੀਆਂ ਕਰਕੇ ਮੁਜ਼ਾਹਰ ਬਨ ਤੇ ਪਥਰਾਓ ਕੀਤਾ। ਜਿਸ ਵਿਚ ਇਕ ਬੱਚੇ ਸਮੇਤ ਤਿੰਨ ਮੁਜ਼ਾਹਰਾ ਫੱਟੜ ਹੋ ਗਏ। ਵੱਖਵਾਦੀਆਂ ਨੇ ਇਕ ਬੱਸ ਨੂੰ ਵੀ ਅੱਗ ਲਗਾ ਦਿਤੀ।

ਇਸ ਤੋਂ ਬਾਅਦ ਇਕ ਕੰਪਿਊਟਰ ਸਟੋਰ ਨੂੰ ਕੁੱਝ ਔਰਤਾਂ ਵਲੋਂ ਅੱਗ ਲਗਾ ਕੇ ਸਾੜਣ ਦੀ ਖਬਰ ਮਿਲੀ ਹੈ। ਇਹ ਔਰਤਾਂ ਵਡਲ

ਰਹਿਮਾਨ ਦੀ ਗ੍ਰਿਫਤਾਰੀ ਦੀ ਮੰਗ ਕਰ ਰਹੀਆਂ ਸਨ ਜਿਸ ਤੇ ਕਥਿਤ ਤੌਰ ਤੇ ਦੇਸ਼ ਵਿਰੋਧੀ ਸਰਗਰਮੀਆਂ ਵਿਚ ਸ਼ਾਮਲ ਹੋਣ ਦਾ ਦੋਸ਼ ਹੈ।

ਝੰਡਾ ਸਾੜਣ ਦਾ ਯਤਨ ਅਸਫਲ

ਹੁਸ਼ਿਆਰਪੁਰ:— ਇਥੋਂ ਦੀਆਂ ਜ਼ਿਲ੍ਹਾ ਕਚਿਹਰੀਆਂ ਵਿਚ ਉਸ ਸਮੇਂ ਸਨਸਨੀ ਫੈਲ ਗਈ ਜਦੋਂ ਇਕ ਵਿਅਕਤੀ ਨੇ ਡੀ ਸੀ ਦਫਤਰ ਤੇ ਲੱਗੇ ਕੌਮੀ ਝੰਡਾ ਉਤਾਰ ਲਿਆ ਤੇ ਉਸ ਨੂੰ ਸਾੜਣ ਦਾ ਯਤਨ ਕੀਤਾ। ਪਰ ਡੀ ਸੀ ਦਫਤਰ ਵਿਚ ਤੈਨਾਤ ਗਾਰਡ ਨੇ ਇਸ ਵਿਅਕਤੀ ਨੂੰ ਪਕੜ ਲਿਆ। ਵਿਅਕਤੀ ਦੀ ਪਹਿਚਾਣ ਨਹੀਂ ਹੋਈ ਹੈ।
